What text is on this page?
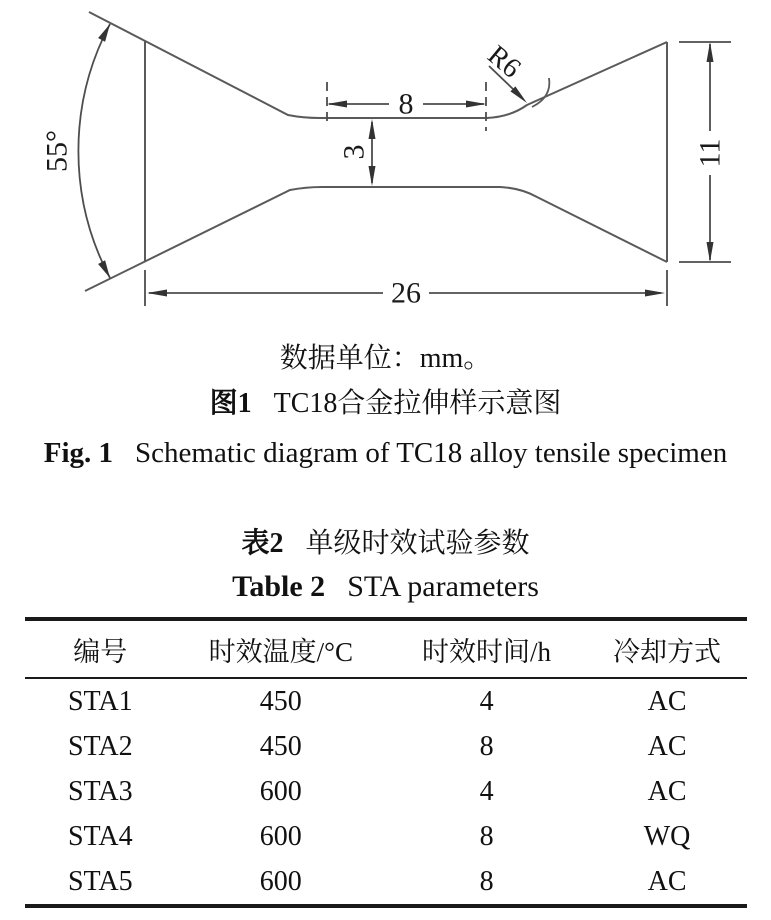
55°
8
3
R6
11
26

数据单位：mm。

图1 TC18合金拉伸样示意图

Fig. 1 Schematic diagram of TC18 alloy tensile specimen

表2 单级时效试验参数

Table 2 STA parameters

编号	时效温度/°C	时效时间/h	冷却方式
STA1	450	4	AC
STA2	450	8	AC
STA3	600	4	AC
STA4	600	8	WQ
STA5	600	8	AC
